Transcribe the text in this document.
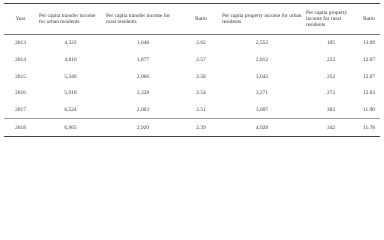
Year	Per capita transfer income for urban residents	Per capita transfer income for rural residents	Ratio	Per capita property income for urban residents	Per capita property income for rural residents	Ratio
2013	4,323	1,648	2.62	2,552	195	13.09
2014	4,816	1,877	2.57	2,812	222	12.67
2015	5,340	2,066	2.58	3,042	252	12.07
2016	5,910	2,328	2.54	3,271	272	12.03
2017	6,524	2,603	2.51	3,607	303	11.90
2018	6,965	2,920	2.39	4,028	342	11.78
